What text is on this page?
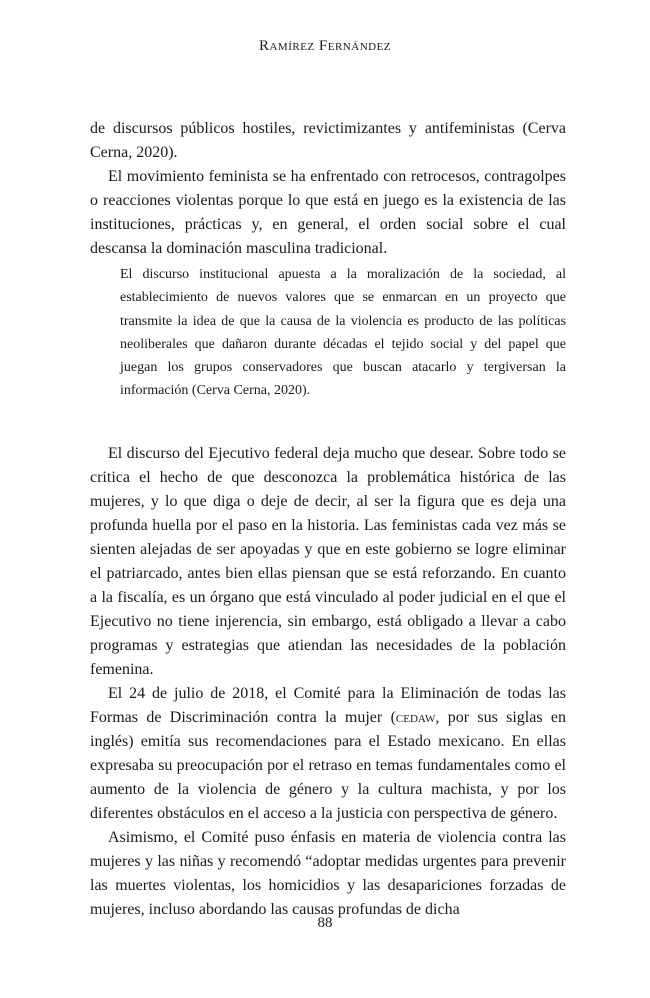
Ramírez Fernández

de discursos públicos hostiles, revictimizantes y antifeministas (Cerva Cerna, 2020).

El movimiento feminista se ha enfrentado con retrocesos, contragolpes o reacciones violentas porque lo que está en juego es la existencia de las instituciones, prácticas y, en general, el orden social sobre el cual descansa la dominación masculina tradicional.

El discurso institucional apuesta a la moralización de la sociedad, al establecimiento de nuevos valores que se enmarcan en un proyecto que transmite la idea de que la causa de la violencia es producto de las políticas neoliberales que dañaron durante décadas el tejido social y del papel que juegan los grupos conservadores que buscan atacarlo y tergiversan la información (Cerva Cerna, 2020).

El discurso del Ejecutivo federal deja mucho que desear. Sobre todo se critica el hecho de que desconozca la problemática histórica de las mujeres, y lo que diga o deje de decir, al ser la figura que es deja una profunda huella por el paso en la historia. Las feministas cada vez más se sienten alejadas de ser apoyadas y que en este gobierno se logre eliminar el patriarcado, antes bien ellas piensan que se está reforzando. En cuanto a la fiscalía, es un órgano que está vinculado al poder judicial en el que el Ejecutivo no tiene injerencia, sin embargo, está obligado a llevar a cabo programas y estrategias que atiendan las necesidades de la población femenina.

El 24 de julio de 2018, el Comité para la Eliminación de todas las Formas de Discriminación contra la mujer (cedaw, por sus siglas en inglés) emitía sus recomendaciones para el Estado mexicano. En ellas expresaba su preocupación por el retraso en temas fundamentales como el aumento de la violencia de género y la cultura machista, y por los diferentes obstáculos en el acceso a la justicia con perspectiva de género.

Asimismo, el Comité puso énfasis en materia de violencia contra las mujeres y las niñas y recomendó “adoptar medidas urgentes para prevenir las muertes violentas, los homicidios y las desapariciones forzadas de mujeres, incluso abordando las causas profundas de dicha

88
